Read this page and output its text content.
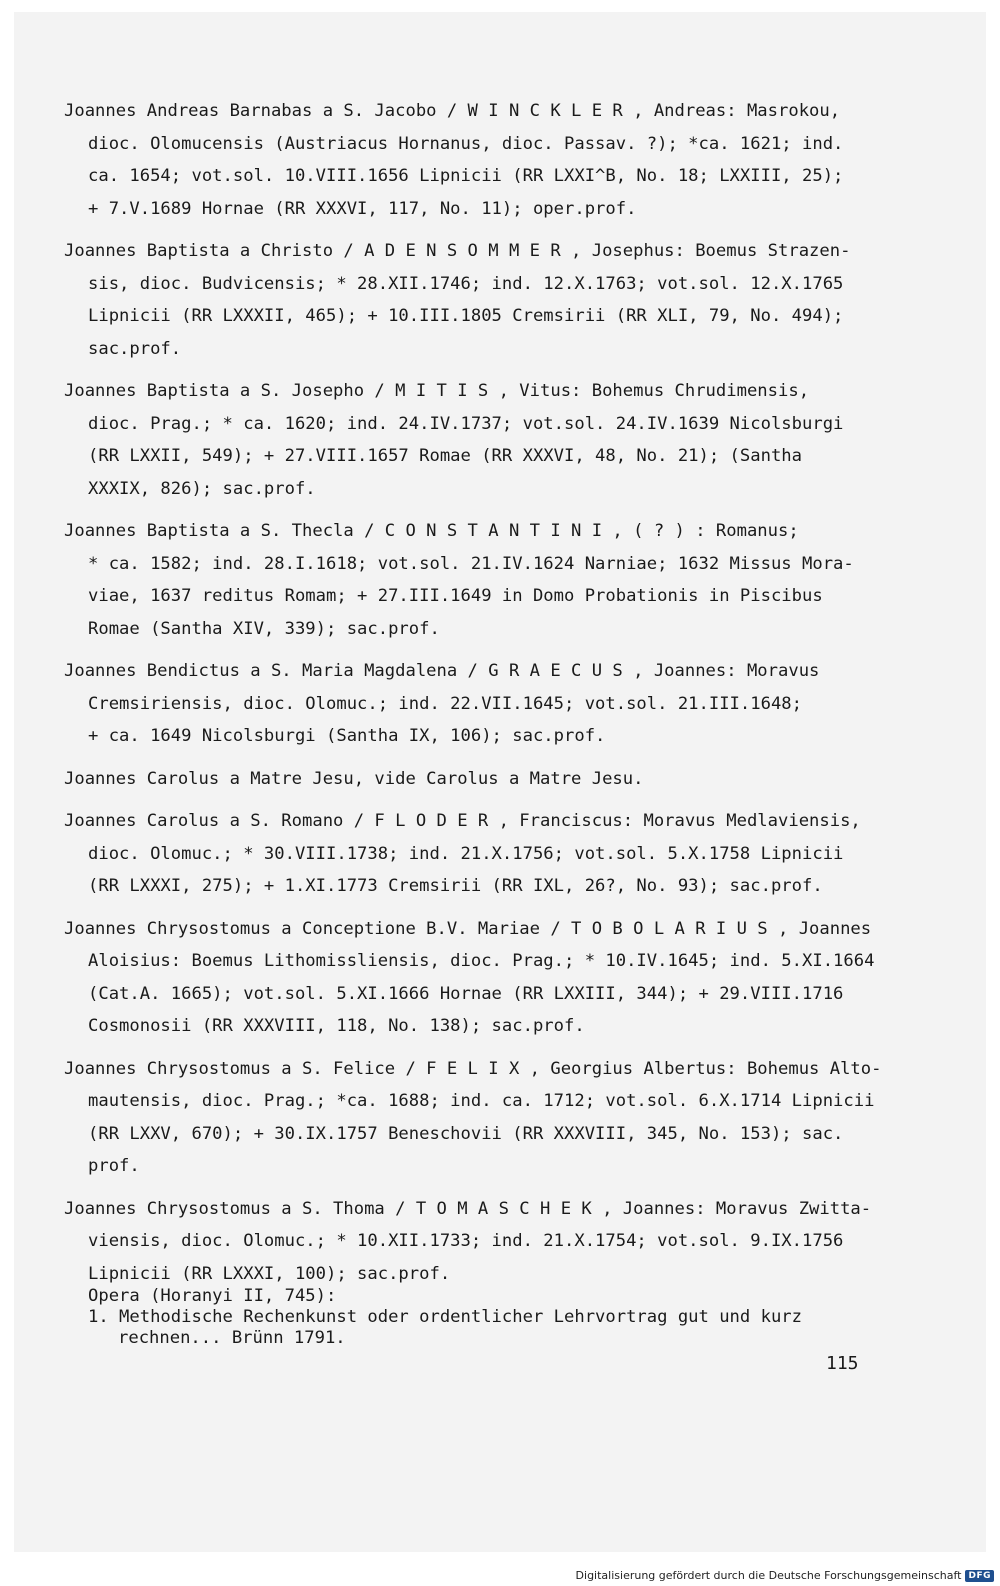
Joannes Andreas Barnabas a S. Jacobo / W I N C K L E R , Andreas: Masrokou,
dioc. Olomucensis (Austriacus Hornanus, dioc. Passav. ?); *ca. 1621; ind.
ca. 1654; vot.sol. 10.VIII.1656 Lipnicii (RR LXXI^B, No. 18; LXXIII, 25);
+ 7.V.1689 Hornae (RR XXXVI, 117, No. 11); oper.prof.
Joannes Baptista a Christo / A D E N S O M M E R , Josephus: Boemus Strazen-
sis, dioc. Budvicensis; * 28.XII.1746; ind. 12.X.1763; vot.sol. 12.X.1765
Lipnicii (RR LXXXII, 465); + 10.III.1805 Cremsirii (RR XLI, 79, No. 494);
sac.prof.
Joannes Baptista a S. Josepho / M I T I S , Vitus: Bohemus Chrudimensis,
dioc. Prag.; * ca. 1620; ind. 24.IV.1737; vot.sol. 24.IV.1639 Nicolsburgi
(RR LXXII, 549); + 27.VIII.1657 Romae (RR XXXVI, 48, No. 21); (Santha
XXXIX, 826); sac.prof.
Joannes Baptista a S. Thecla / C O N S T A N T I N I , ( ? ) : Romanus;
* ca. 1582; ind. 28.I.1618; vot.sol. 21.IV.1624 Narniae; 1632 Missus Mora-
viae, 1637 reditus Romam; + 27.III.1649 in Domo Probationis in Piscibus
Romae (Santha XIV, 339); sac.prof.
Joannes Bendictus a S. Maria Magdalena / G R A E C U S , Joannes: Moravus
Cremsiriensis, dioc. Olomuc.; ind. 22.VII.1645; vot.sol. 21.III.1648;
+ ca. 1649 Nicolsburgi (Santha IX, 106); sac.prof.
Joannes Carolus a Matre Jesu, vide Carolus a Matre Jesu.
Joannes Carolus a S. Romano / F L O D E R , Franciscus: Moravus Medlaviensis,
dioc. Olomuc.; * 30.VIII.1738; ind. 21.X.1756; vot.sol. 5.X.1758 Lipnicii
(RR LXXXI, 275); + 1.XI.1773 Cremsirii (RR IXL, 26?, No. 93); sac.prof.
Joannes Chrysostomus a Conceptione B.V. Mariae / T O B O L A R I U S , Joannes
Aloisius: Boemus Lithomissliensis, dioc. Prag.; * 10.IV.1645; ind. 5.XI.1664
(Cat.A. 1665); vot.sol. 5.XI.1666 Hornae (RR LXXIII, 344); + 29.VIII.1716
Cosmonosii (RR XXXVIII, 118, No. 138); sac.prof.
Joannes Chrysostomus a S. Felice / F E L I X , Georgius Albertus: Bohemus Alto-
mautensis, dioc. Prag.; *ca. 1688; ind. ca. 1712; vot.sol. 6.X.1714 Lipnicii
(RR LXXV, 670); + 30.IX.1757 Beneschovii (RR XXXVIII, 345, No. 153); sac.
prof.
Joannes Chrysostomus a S. Thoma / T O M A S C H E K , Joannes: Moravus Zwitta-
viensis, dioc. Olomuc.; * 10.XII.1733; ind. 21.X.1754; vot.sol. 9.IX.1756
Lipnicii (RR LXXXI, 100); sac.prof.
Opera (Horanyi II, 745):
1. Methodische Rechenkunst oder ordentlicher Lehrvortrag gut und kurz
rechnen... Brünn 1791.
115
Digitalisierung gefördert durch die Deutsche Forschungsgemeinschaft DFG
